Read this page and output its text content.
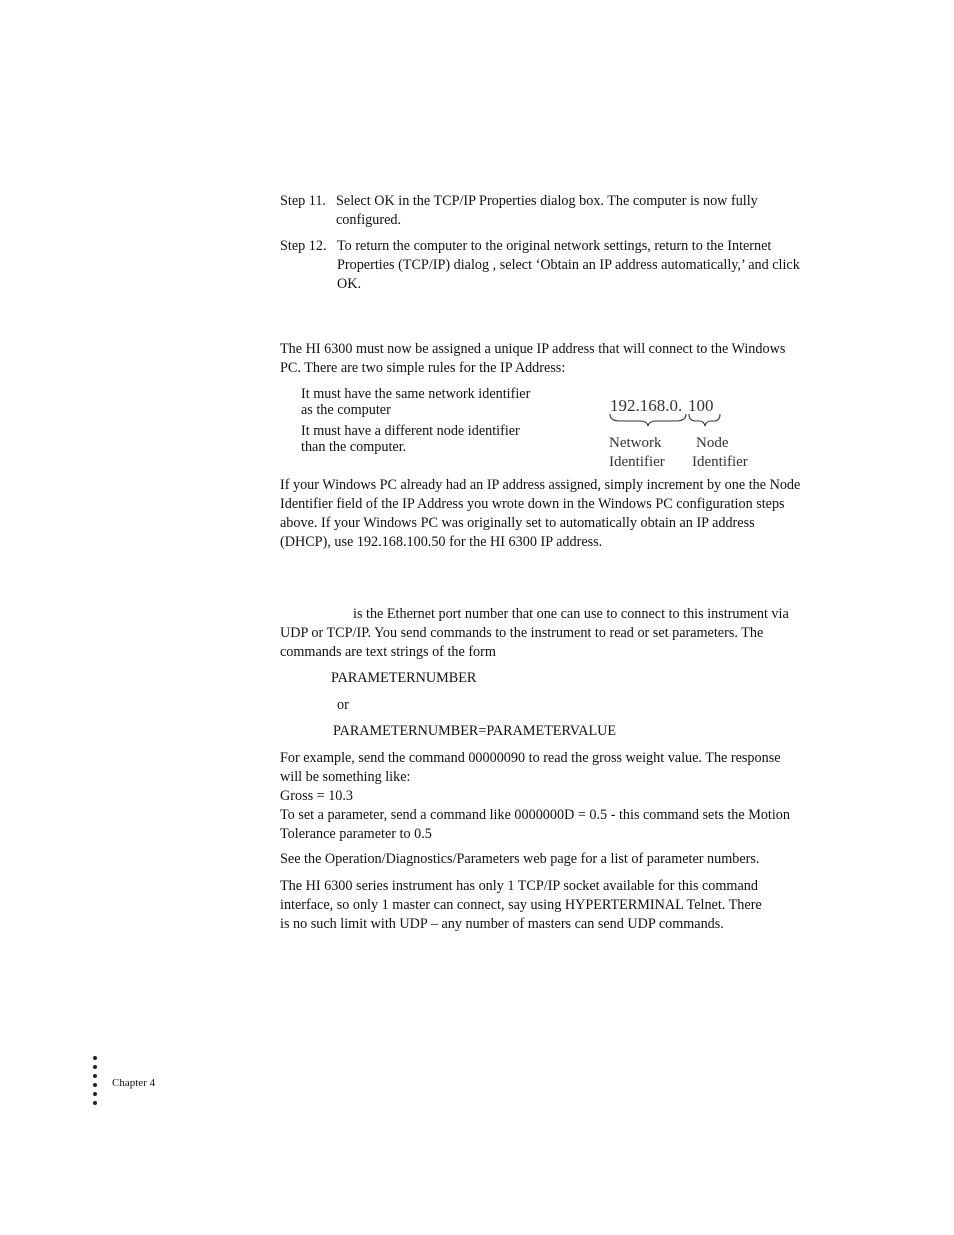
Step 11. Select OK in the TCP/IP Properties dialog box. The computer is now fully
configured.
Step 12. To return the computer to the original network settings, return to the Internet
Properties (TCP/IP) dialog , select ‘Obtain an IP address automatically,’ and click
OK.
The HI 6300 must now be assigned a unique IP address that will connect to the Windows
PC. There are two simple rules for the IP Address:
It must have the same network identifier
as the computer
It must have a different node identifier
than the computer.
192.168.0. 100
Network
Identifier
Node
Identifier
If your Windows PC already had an IP address assigned, simply increment by one the Node
Identifier field of the IP Address you wrote down in the Windows PC configuration steps
above. If your Windows PC was originally set to automatically obtain an IP address
(DHCP), use 192.168.100.50 for the HI 6300 IP address.
is the Ethernet port number that one can use to connect to this instrument via
UDP or TCP/IP. You send commands to the instrument to read or set parameters. The
commands are text strings of the form
PARAMETERNUMBER
or
PARAMETERNUMBER=PARAMETERVALUE
For example, send the command 00000090 to read the gross weight value. The response
will be something like:
Gross = 10.3
To set a parameter, send a command like 0000000D = 0.5 - this command sets the Motion
Tolerance parameter to 0.5
See the Operation/Diagnostics/Parameters web page for a list of parameter numbers.
The HI 6300 series instrument has only 1 TCP/IP socket available for this command
interface, so only 1 master can connect, say using HYPERTERMINAL Telnet. There
is no such limit with UDP – any number of masters can send UDP commands.
Chapter 4
